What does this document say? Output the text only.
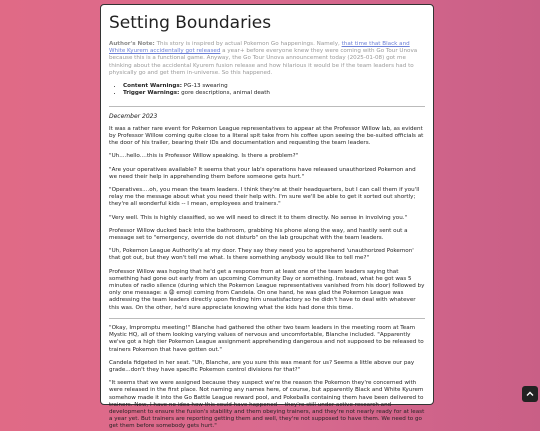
Setting Boundaries
Author's Note: This story is inspired by actual Pokemon Go happenings. Namely, that time that Black and White Kyurem accidentally got released a year+ before everyone knew they were coming with Go Tour Unova because this is a functional game. Anyway, the Go Tour Unova announcement today (2025-01-08) got me thinking about the accidental Kyurem fusion release and how hilarious it would be if the team leaders had to physically go and get them in-universe. So this happened.
• Content Warnings: PG-13 swearing
• Trigger Warnings: gore descriptions, animal death

December 2023

It was a rather rare event for Pokemon League representatives to appear at the Professor Willow lab, as evident by Professor Willow coming quite close to a literal spit take from his coffee upon seeing the be-suited officials at the door of his trailer, bearing their IDs and documentation and requesting the team leaders.

"Uh....hello....this is Professor Willow speaking. Is there a problem?"

"Are your operatives available? It seems that your lab's operations have released unauthorized Pokemon and we need their help in apprehending them before someone gets hurt."

"Operatives....oh, you mean the team leaders. I think they're at their headquarters, but I can call them if you'll relay me the message about what you need their help with. I'm sure we'll be able to get it sorted out shortly; they're all wonderful kids -- I mean, employees and trainers."

"Very well. This is highly classified, so we will need to direct it to them directly. No sense in involving you."

Professor Willow ducked back into the bathroom, grabbing his phone along the way, and hastily sent out a message set to "emergency, override do not disturb" on the lab groupchat with the team leaders.

"Uh, Pokemon League Authority's at my door. They say they need you to apprehend 'unauthorized Pokemon' that got out, but they won't tell me what. Is there something anybody would like to tell me?"

Professor Willow was hoping that he'd get a response from at least one of the team leaders saying that something had gone out early from an upcoming Community Day or something. Instead, what he got was 5 minutes of radio silence (during which the Pokemon League representatives vanished from his door) followed by only one message: a 😩 emoji coming from Candela. On one hand, he was glad the Pokemon League was addressing the team leaders directly upon finding him unsatisfactory so he didn't have to deal with whatever this was. On the other, he'd sure appreciate knowing what the kids had done this time.

"Okay, Impromptu meeting!" Blanche had gathered the other two team leaders in the meeting room at Team Mystic HQ, all of them looking varying values of nervous and uncomfortable, Blanche included. "Apparently we've got a high tier Pokemon League assignment apprehending dangerous and not supposed to be released to trainers Pokemon that have gotten out."

Candela fidgeted in her seat. "Uh, Blanche, are you sure this was meant for us? Seems a little above our pay grade...don't they have specific Pokemon control divisions for that?"

"It seems that we were assigned because they suspect we're the reason the Pokemon they're concerned with were released in the first place. Not naming any names here, of course, but apparently Black and White Kyurem somehow made it into the Go Battle League reward pool, and Pokeballs containing them have been delivered to trainers. Now, I have no idea how this could have happened -- they're still under active research and development to ensure the fusion's stability and them obeying trainers, and they're not nearly ready for at least a year yet. But trainers are reporting getting them and well, they're not supposed to have them. We need to go get them before somebody gets hurt."
